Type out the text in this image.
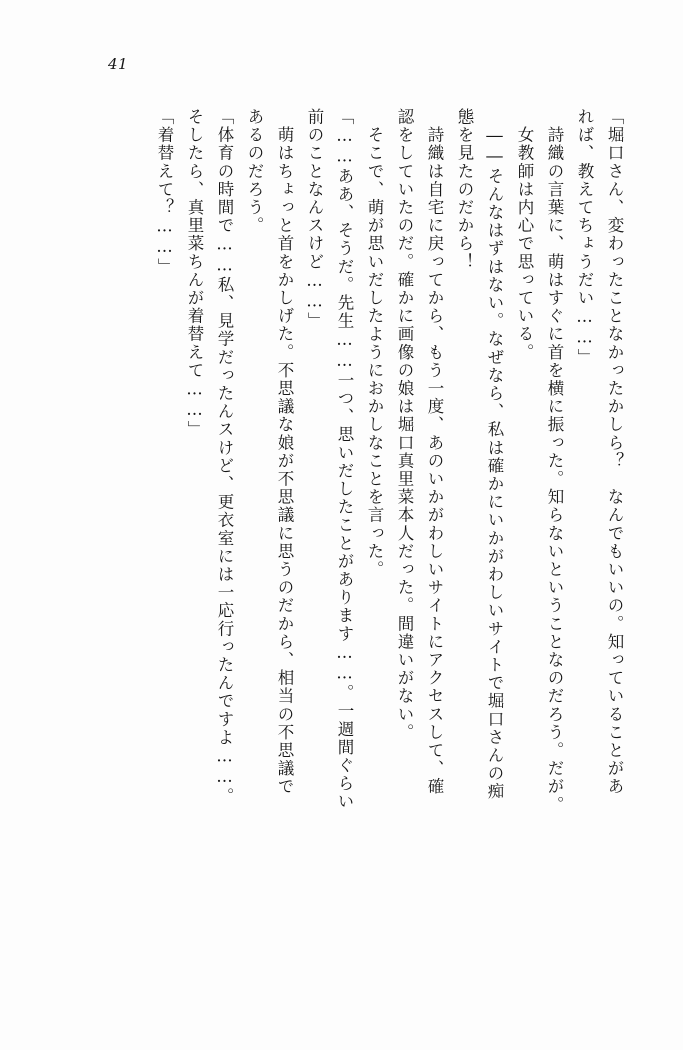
41
「堀口さん、変わったことなかったかしら？　なんでもいいの。知っていることがあ
れば、教えてちょうだい……」
　詩織の言葉に、萌はすぐに首を横に振った。知らないということなのだろう。だが。
　女教師は内心で思っている。
　――そんなはずはない。なぜなら、私は確かにいかがわしいサイトで堀口さんの痴
態を見たのだから！
　詩織は自宅に戻ってから、もう一度、あのいかがわしいサイトにアクセスして、確
認をしていたのだ。確かに画像の娘は堀口真里菜本人だった。間違いがない。
　そこで、萌が思いだしたようにおかしなことを言った。
「……ああ、そうだ。先生……一つ、思いだしたことがあります……。一週間ぐらい
前のことなんスけど……」
　萌はちょっと首をかしげた。不思議な娘が不思議に思うのだから、相当の不思議で
あるのだろう。
「体育の時間で……私、見学だったんスけど、更衣室には一応行ったんですよ……。
そしたら、真里菜ちんが着替えて……」
「着替えて？……」
